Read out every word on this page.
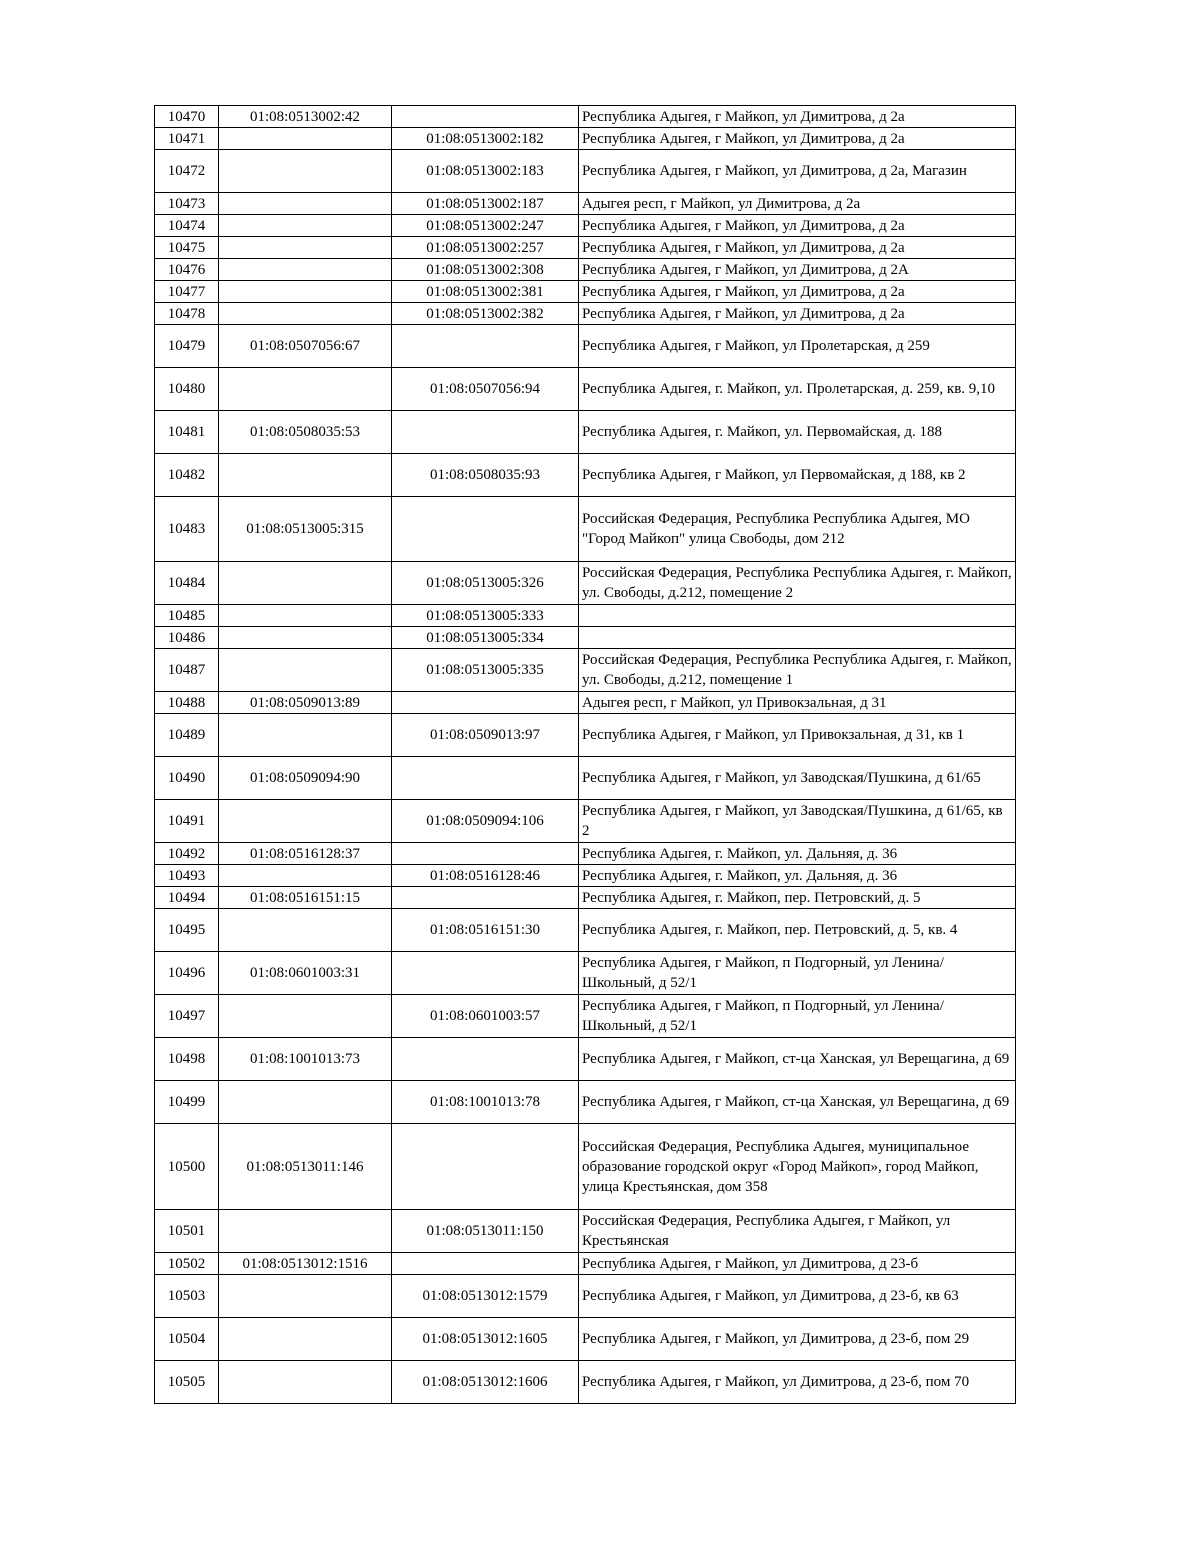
10470	01:08:0513002:42		Республика Адыгея, г Майкоп, ул Димитрова, д 2а
10471		01:08:0513002:182	Республика Адыгея, г Майкоп, ул Димитрова, д 2а
10472		01:08:0513002:183	Республика Адыгея, г Майкоп, ул Димитрова, д 2а, Магазин
10473		01:08:0513002:187	Адыгея респ, г Майкоп, ул Димитрова, д 2а
10474		01:08:0513002:247	Республика Адыгея, г Майкоп, ул Димитрова, д 2а
10475		01:08:0513002:257	Республика Адыгея, г Майкоп, ул Димитрова, д 2а
10476		01:08:0513002:308	Республика Адыгея, г Майкоп, ул Димитрова, д 2А
10477		01:08:0513002:381	Республика Адыгея, г Майкоп, ул Димитрова, д 2а
10478		01:08:0513002:382	Республика Адыгея, г Майкоп, ул Димитрова, д 2а
10479	01:08:0507056:67		Республика Адыгея, г Майкоп, ул Пролетарская, д 259
10480		01:08:0507056:94	Республика Адыгея, г. Майкоп, ул. Пролетарская, д. 259, кв. 9,10
10481	01:08:0508035:53		Республика Адыгея, г. Майкоп, ул. Первомайская, д. 188
10482		01:08:0508035:93	Республика Адыгея, г Майкоп, ул Первомайская, д 188, кв 2
10483	01:08:0513005:315		Российская Федерация, Республика Республика Адыгея, МО "Город Майкоп" улица Свободы, дом 212
10484		01:08:0513005:326	Российская Федерация, Республика Республика Адыгея, г. Майкоп, ул. Свободы, д.212, помещение 2
10485		01:08:0513005:333	
10486		01:08:0513005:334	
10487		01:08:0513005:335	Российская Федерация, Республика Республика Адыгея, г. Майкоп, ул. Свободы, д.212, помещение 1
10488	01:08:0509013:89		Адыгея респ, г Майкоп, ул Привокзальная, д 31
10489		01:08:0509013:97	Республика Адыгея, г Майкоп, ул Привокзальная, д 31, кв 1
10490	01:08:0509094:90		Республика Адыгея, г Майкоп, ул Заводская/Пушкина, д 61/65
10491		01:08:0509094:106	Республика Адыгея, г Майкоп, ул Заводская/Пушкина, д 61/65, кв 2
10492	01:08:0516128:37		Республика Адыгея, г. Майкоп, ул. Дальняя, д. 36
10493		01:08:0516128:46	Республика Адыгея, г. Майкоп, ул. Дальняя, д. 36
10494	01:08:0516151:15		Республика Адыгея, г. Майкоп, пер. Петровский, д. 5
10495		01:08:0516151:30	Республика Адыгея, г. Майкоп, пер. Петровский, д. 5, кв. 4
10496	01:08:0601003:31		Республика Адыгея, г Майкоп, п Подгорный, ул Ленина/Школьный, д 52/1
10497		01:08:0601003:57	Республика Адыгея, г Майкоп, п Подгорный, ул Ленина/Школьный, д 52/1
10498	01:08:1001013:73		Республика Адыгея, г Майкоп, ст-ца Ханская, ул Верещагина, д 69
10499		01:08:1001013:78	Республика Адыгея, г Майкоп, ст-ца Ханская, ул Верещагина, д 69
10500	01:08:0513011:146		Российская Федерация, Республика Адыгея, муниципальное образование городской округ «Город Майкоп», город Майкоп, улица Крестьянская, дом 358
10501		01:08:0513011:150	Российская Федерация, Республика Адыгея, г Майкоп, ул Крестьянская
10502	01:08:0513012:1516		Республика Адыгея, г Майкоп, ул Димитрова, д 23-б
10503		01:08:0513012:1579	Республика Адыгея, г Майкоп, ул Димитрова, д 23-б, кв 63
10504		01:08:0513012:1605	Республика Адыгея, г Майкоп, ул Димитрова, д 23-б, пом 29
10505		01:08:0513012:1606	Республика Адыгея, г Майкоп, ул Димитрова, д 23-б, пом 70
